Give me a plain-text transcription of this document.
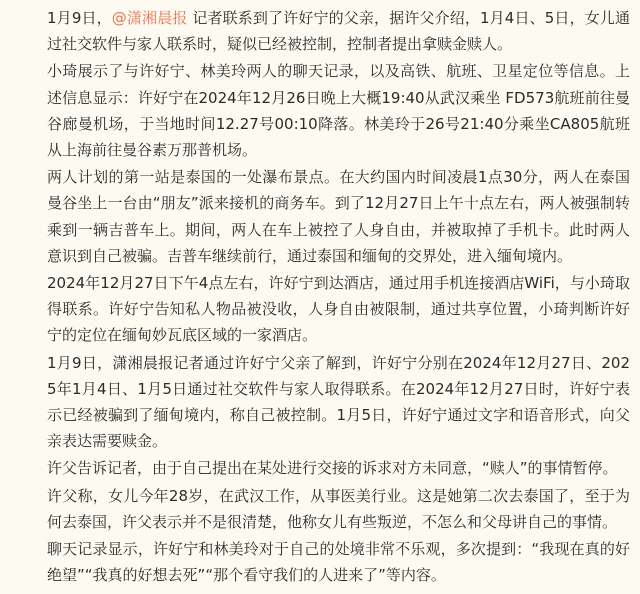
1月9日，@潇湘晨报 记者联系到了许好宁的父亲，据许父介绍，1月4日、5日，女儿通过社交软件与家人联系时，疑似已经被控制，控制者提出拿赎金赎人。

小琦展示了与许好宁、林美玲两人的聊天记录，以及高铁、航班、卫星定位等信息。上述信息显示：许好宁在2024年12月26日晚上大概19:40从武汉乘坐 FD573航班前往曼谷廊曼机场，于当地时间12.27号00:10降落。林美玲于26号21:40分乘坐CA805航班从上海前往曼谷素万那普机场。

两人计划的第一站是泰国的一处瀑布景点。在大约国内时间凌晨1点30分，两人在泰国曼谷坐上一台由“朋友”派来接机的商务车。到了12月27日上午十点左右，两人被强制转乘到一辆吉普车上。期间，两人在车上被控了人身自由，并被取掉了手机卡。此时两人意识到自己被骗。吉普车继续前行，通过泰国和缅甸的交界处，进入缅甸境内。

2024年12月27日下午4点左右，许好宁到达酒店，通过用手机连接酒店WiFi，与小琦取得联系。许好宁告知私人物品被没收，人身自由被限制，通过共享位置，小琦判断许好宁的定位在缅甸妙瓦底区域的一家酒店。

1月9日，潇湘晨报记者通过许好宁父亲了解到，许好宁分别在2024年12月27日、2025年1月4日、1月5日通过社交软件与家人取得联系。在2024年12月27日时，许好宁表示已经被骗到了缅甸境内，称自己被控制。1月5日，许好宁通过文字和语音形式，向父亲表达需要赎金。

许父告诉记者，由于自己提出在某处进行交接的诉求对方未同意，“赎人”的事情暂停。

许父称，女儿今年28岁，在武汉工作，从事医美行业。这是她第二次去泰国了，至于为何去泰国，许父表示并不是很清楚，他称女儿有些叛逆，不怎么和父母讲自己的事情。

聊天记录显示，许好宁和林美玲对于自己的处境非常不乐观，多次提到：“我现在真的好绝望”“我真的好想去死”“那个看守我们的人进来了”等内容。
